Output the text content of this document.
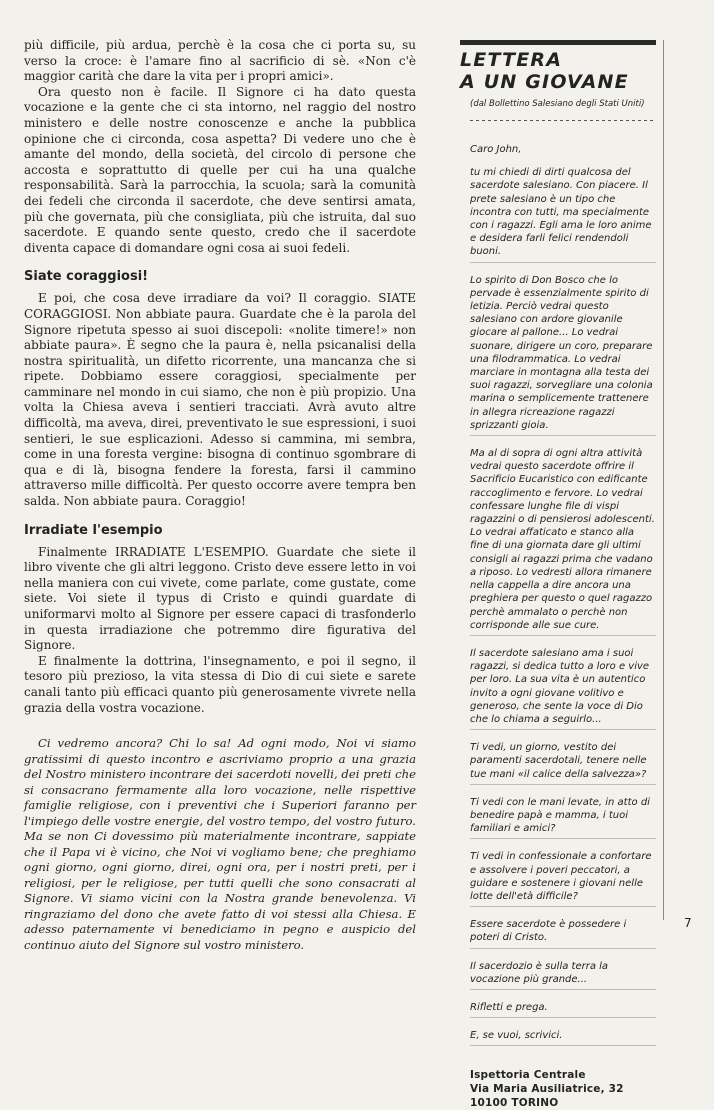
più difficile, più ardua, perchè è la cosa che ci porta su, su verso la croce: è l'amare fino al sacrificio di sè. «Non c'è maggior carità che dare la vita per i propri amici».

Ora questo non è facile. Il Signore ci ha dato questa vocazione e la gente che ci sta intorno, nel raggio del nostro ministero e delle nostre conoscenze e anche la pubblica opinione che ci circonda, cosa aspetta? Di vedere uno che è amante del mondo, della società, del circolo di persone che accosta e soprattutto di quelle per cui ha una qualche responsabilità. Sarà la parrocchia, la scuola; sarà la comunità dei fedeli che circonda il sacerdote, che deve sentirsi amata, più che governata, più che consigliata, più che istruita, dal suo sacerdote. E quando sente questo, credo che il sacerdote diventa capace di domandare ogni cosa ai suoi fedeli.

Siate coraggiosi!

E poi, che cosa deve irradiare da voi? Il coraggio. SIATE CORAGGIOSI. Non abbiate paura. Guardate che è la parola del Signore ripetuta spesso ai suoi discepoli: «nolite timere!» non abbiate paura». È segno che la paura è, nella psicanalisi della nostra spiritualità, un difetto ricorrente, una mancanza che si ripete. Dobbiamo essere coraggiosi, specialmente per camminare nel mondo in cui siamo, che non è più propizio. Una volta la Chiesa aveva i sentieri tracciati. Avrà avuto altre difficoltà, ma aveva, direi, preventivato le sue espressioni, i suoi sentieri, le sue esplicazioni. Adesso si cammina, mi sembra, come in una foresta vergine: bisogna di continuo sgombrare di qua e di là, bisogna fendere la foresta, farsi il cammino attraverso mille difficoltà. Per questo occorre avere tempra ben salda. Non abbiate paura. Coraggio!

Irradiate l'esempio

Finalmente IRRADIATE L'ESEMPIO. Guardate che siete il libro vivente che gli altri leggono. Cristo deve essere letto in voi nella maniera con cui vivete, come parlate, come gustate, come siete. Voi siete il typus di Cristo e quindi guardate di uniformarvi molto al Signore per essere capaci di trasfonderlo in questa irradiazione che potremmo dire figurativa del Signore.

E finalmente la dottrina, l'insegnamento, e poi il segno, il tesoro più prezioso, la vita stessa di Dio di cui siete e sarete canali tanto più efficaci quanto più generosamente vivrete nella grazia della vostra vocazione.

Ci vedremo ancora? Chi lo sa! Ad ogni modo, Noi vi siamo gratissimi di questo incontro e ascriviamo proprio a una grazia del Nostro ministero incontrare dei sacerdoti novelli, dei preti che si consacrano fermamente alla loro vocazione, nelle rispettive famiglie religiose, con i preventivi che i Superiori faranno per l'impiego delle vostre energie, del vostro tempo, del vostro futuro. Ma se non Ci dovessimo più materialmente incontrare, sappiate che il Papa vi è vicino, che Noi vi vogliamo bene; che preghiamo ogni giorno, ogni giorno, direi, ogni ora, per i nostri preti, per i religiosi, per le religiose, per tutti quelli che sono consacrati al Signore. Vi siamo vicini con la Nostra grande benevolenza. Vi ringraziamo del dono che avete fatto di voi stessi alla Chiesa. E adesso paternamente vi benediciamo in pegno e auspicio del continuo aiuto del Signore sul vostro ministero.

LETTERA
A UN GIOVANE
(dal Bollettino Salesiano degli Stati Uniti)

Caro John,

tu mi chiedi di dirti qualcosa del sacerdote salesiano. Con piacere. Il prete salesiano è un tipo che incontra con tutti, ma specialmente con i ragazzi. Egli ama le loro anime e desidera farli felici rendendoli buoni.

Lo spirito di Don Bosco che lo pervade è essenzialmente spirito di letizia. Perciò vedrai questo salesiano con ardore giovanile giocare al pallone... Lo vedrai suonare, dirigere un coro, preparare una filodrammatica. Lo vedrai marciare in montagna alla testa dei suoi ragazzi, sorvegliare una colonia marina o semplicemente trattenere in allegra ricreazione ragazzi sprizzanti gioia.

Ma al di sopra di ogni altra attività vedrai questo sacerdote offrire il Sacrificio Eucaristico con edificante raccoglimento e fervore. Lo vedrai confessare lunghe file di vispi ragazzini o di pensierosi adolescenti. Lo vedrai affaticato e stanco alla fine di una giornata dare gli ultimi consigli ai ragazzi prima che vadano a riposo. Lo vedresti allora rimanere nella cappella a dire ancora una preghiera per questo o quel ragazzo perchè ammalato o perchè non corrisponde alle sue cure.

Il sacerdote salesiano ama i suoi ragazzi, si dedica tutto a loro e vive per loro. La sua vita è un autentico invito a ogni giovane volitivo e generoso, che sente la voce di Dio che lo chiama a seguirlo...

Ti vedi, un giorno, vestito dei paramenti sacerdotali, tenere nelle tue mani «il calice della salvezza»?

Ti vedi con le mani levate, in atto di benedire papà e mamma, i tuoi familiari e amici?

Ti vedi in confessionale a confortare e assolvere i poveri peccatori, a guidare e sostenere i giovani nelle lotte dell'età difficile?

Essere sacerdote è possedere i poteri di Cristo.

Il sacerdozio è sulla terra la vocazione più grande...

Rifletti e prega.

E, se vuoi, scrivici.

Ispettoria Centrale
Via Maria Ausiliatrice, 32
10100 TORINO
7
